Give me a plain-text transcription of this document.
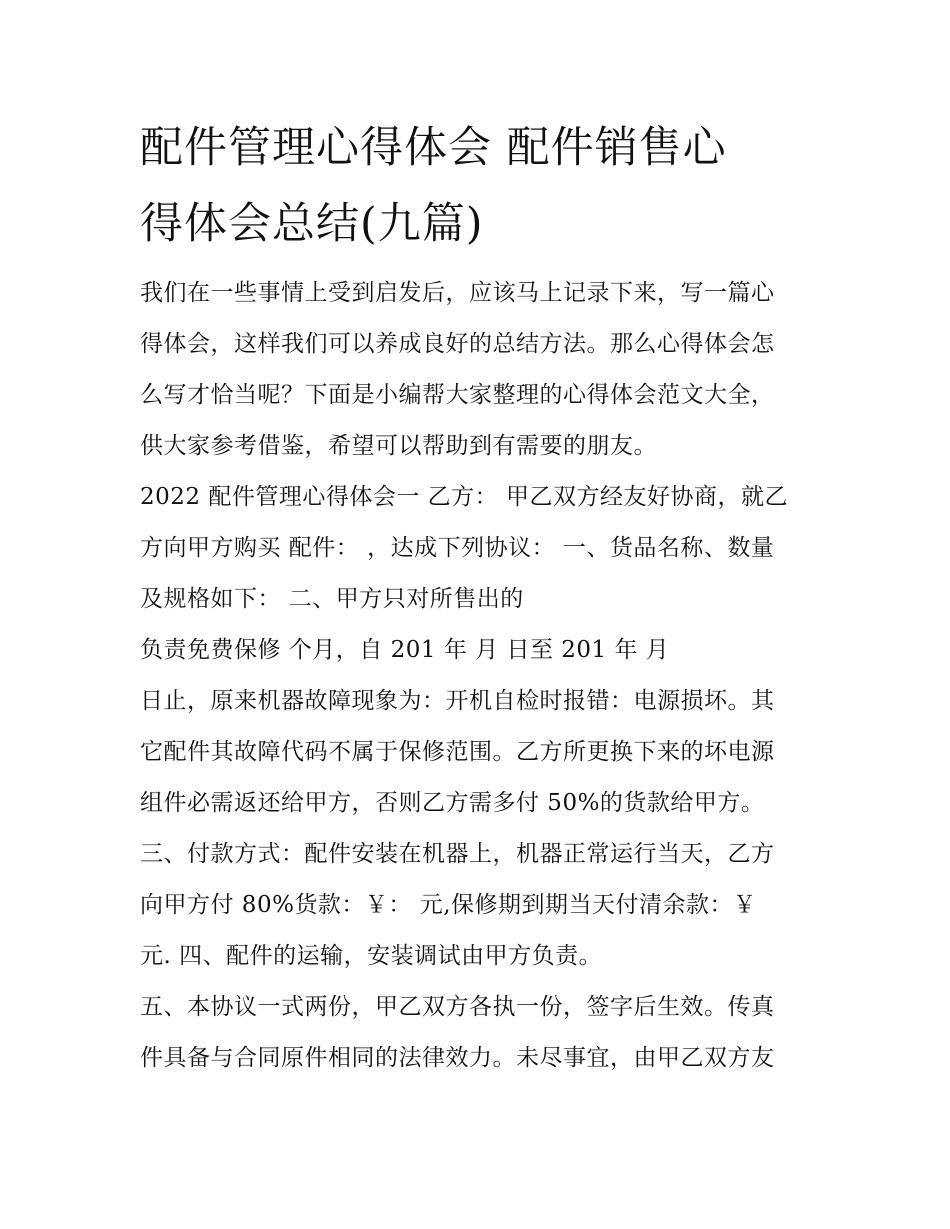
配件管理心得体会 配件销售心
得体会总结(九篇)
我们在一些事情上受到启发后，应该马上记录下来，写一篇心
得体会，这样我们可以养成良好的总结方法。那么心得体会怎
么写才恰当呢？下面是小编帮大家整理的心得体会范文大全，
供大家参考借鉴，希望可以帮助到有需要的朋友。
2022 配件管理心得体会一 乙方： 甲乙双方经友好协商，就乙
方向甲方购买 配件： ，达成下列协议： 一、货品名称、数量
及规格如下： 二、甲方只对所售出的
负责免费保修 个月，自 201 年 月 日至 201 年 月
日止，原来机器故障现象为：开机自检时报错：电源损坏。其
它配件其故障代码不属于保修范围。乙方所更换下来的坏电源
组件必需返还给甲方，否则乙方需多付 50%的货款给甲方。
三、付款方式：配件安装在机器上，机器正常运行当天，乙方
向甲方付 80%货款：￥： 元,保修期到期当天付清余款：￥
元. 四、配件的运输，安装调试由甲方负责。
五、本协议一式两份，甲乙双方各执一份，签字后生效。传真
件具备与合同原件相同的法律效力。未尽事宜，由甲乙双方友
